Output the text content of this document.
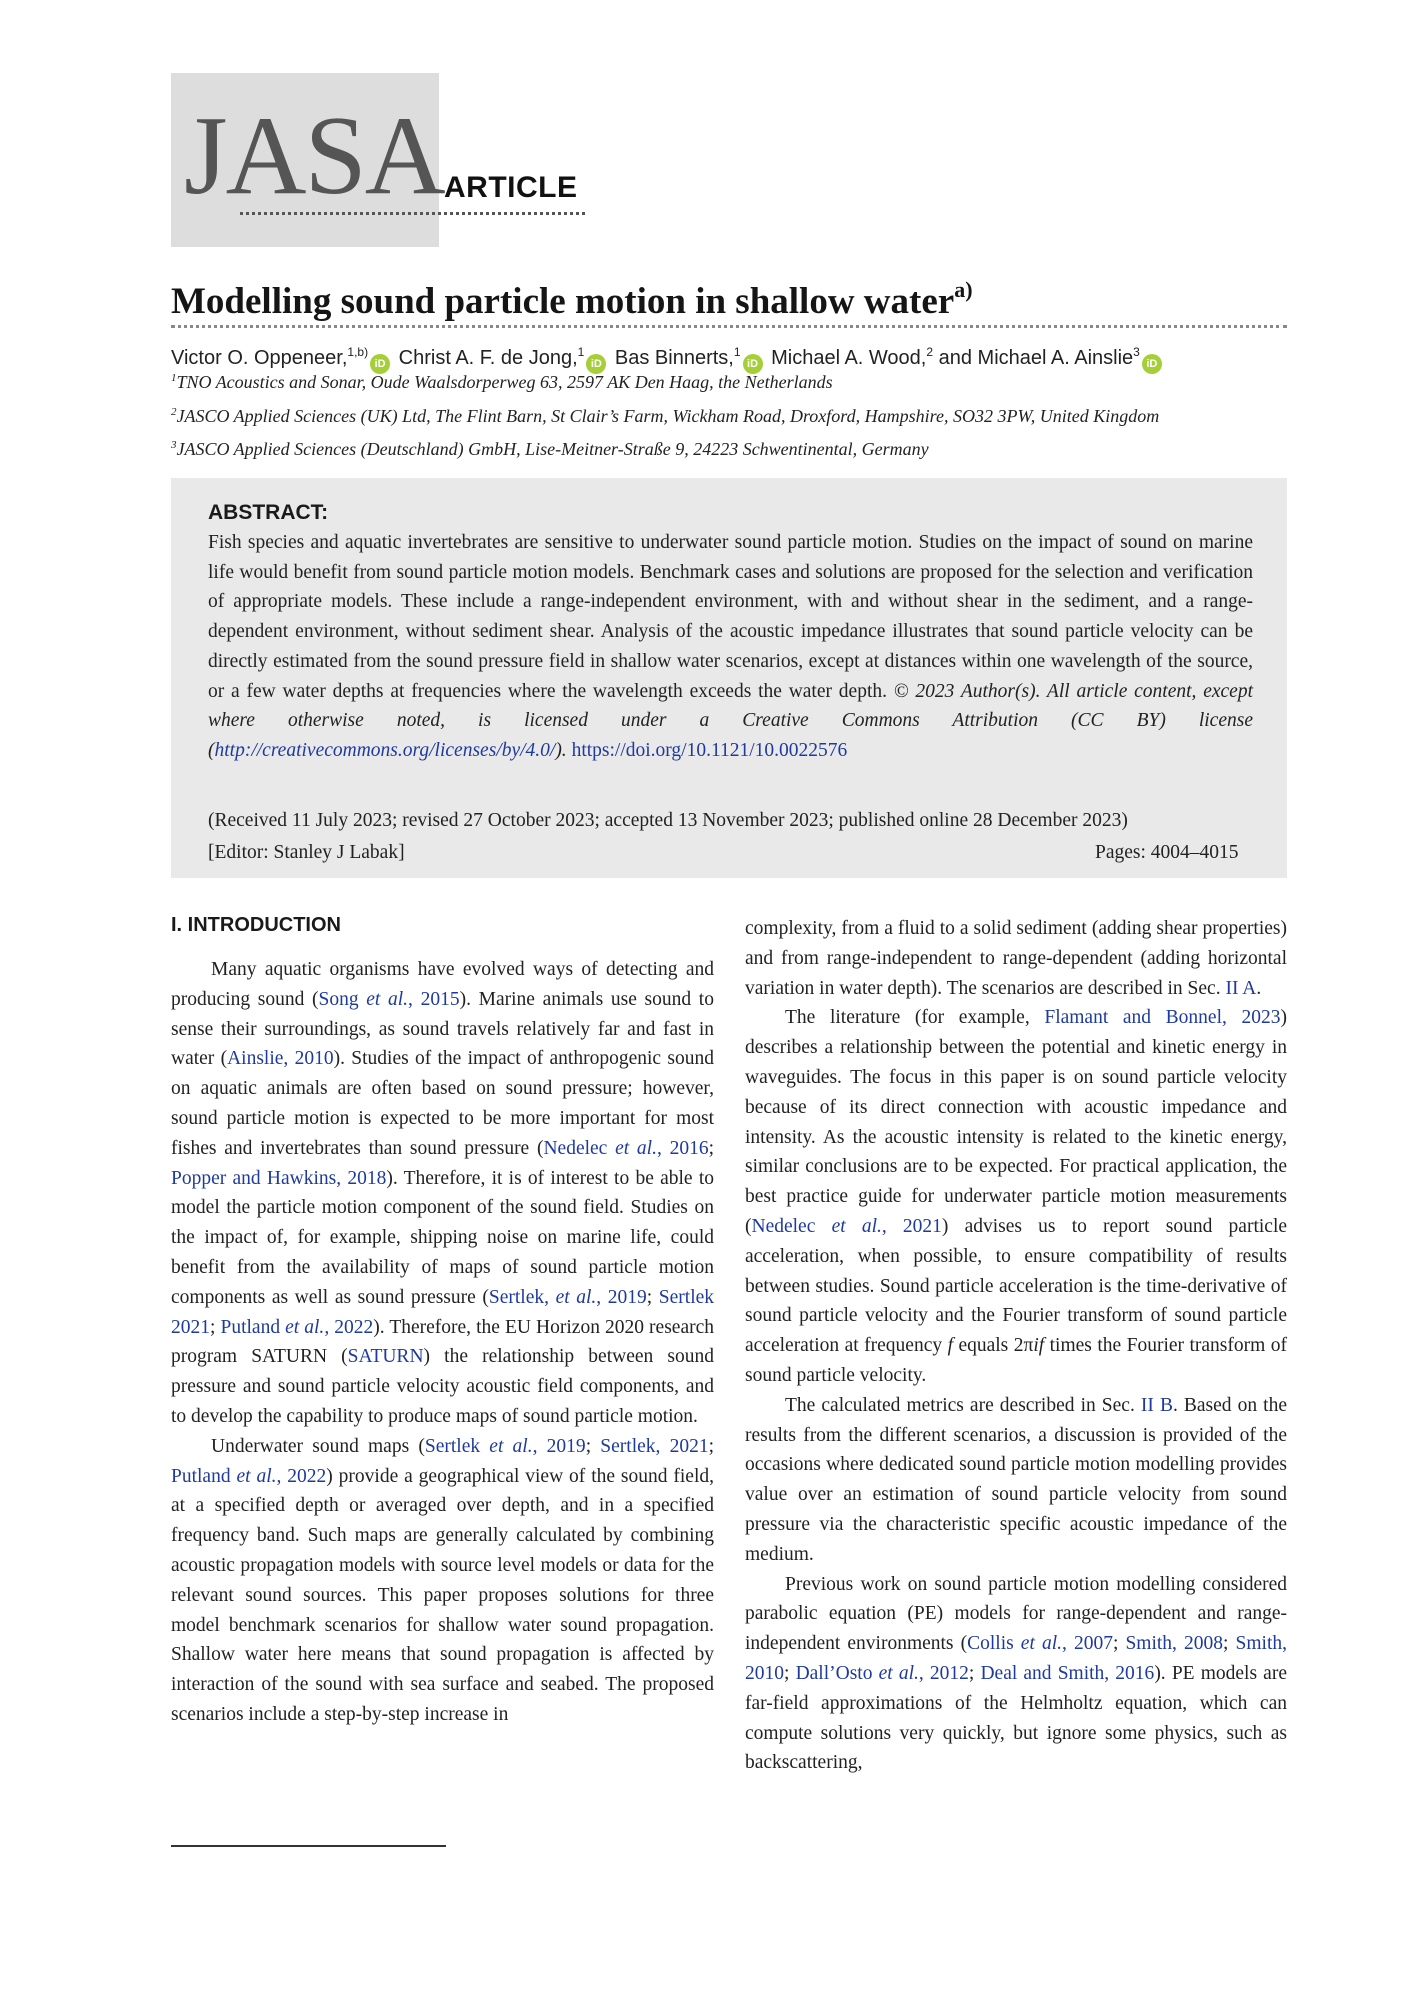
JASA ARTICLE
Modelling sound particle motion in shallow water$^{a)}$
Victor O. Oppeneer,$^{1,b)}$iD Christ A. F. de Jong,$^1$iD Bas Binnerts,$^1$iD Michael A. Wood,$^2$ and Michael A. Ainslie$^3$iD
$^1$TNO Acoustics and Sonar, Oude Waalsdorperweg 63, 2597 AK Den Haag, the Netherlands
$^2$JASCO Applied Sciences (UK) Ltd, The Flint Barn, St Clair’s Farm, Wickham Road, Droxford, Hampshire, SO32 3PW, United Kingdom
$^3$JASCO Applied Sciences (Deutschland) GmbH, Lise-Meitner-Straße 9, 24223 Schwentinental, Germany
ABSTRACT:
Fish species and aquatic invertebrates are sensitive to underwater sound particle motion. Studies on the impact of sound on marine life would benefit from sound particle motion models. Benchmark cases and solutions are proposed for the selection and verification of appropriate models. These include a range-independent environment, with and without shear in the sediment, and a range-dependent environment, without sediment shear. Analysis of the acoustic impedance illustrates that sound particle velocity can be directly estimated from the sound pressure field in shallow water scenarios, except at distances within one wavelength of the source, or a few water depths at frequencies where the wavelength exceeds the water depth. © 2023 Author(s). All article content, except where otherwise noted, is licensed under a Creative Commons Attribution (CC BY) license (http://creativecommons.org/licenses/by/4.0/). https://doi.org/10.1121/10.0022576
(Received 11 July 2023; revised 27 October 2023; accepted 13 November 2023; published online 28 December 2023)
[Editor: Stanley J Labak]	Pages: 4004–4015
I. INTRODUCTION

Many aquatic organisms have evolved ways of detecting and producing sound (Song et al., 2015). Marine animals use sound to sense their surroundings, as sound travels relatively far and fast in water (Ainslie, 2010). Studies of the impact of anthropogenic sound on aquatic animals are often based on sound pressure; however, sound particle motion is expected to be more important for most fishes and invertebrates than sound pressure (Nedelec et al., 2016; Popper and Hawkins, 2018). Therefore, it is of interest to be able to model the particle motion component of the sound field. Studies on the impact of, for example, shipping noise on marine life, could benefit from the availability of maps of sound particle motion components as well as sound pressure (Sertlek, et al., 2019; Sertlek 2021; Putland et al., 2022). Therefore, the EU Horizon 2020 research program SATURN (SATURN) the relationship between sound pressure and sound particle velocity acoustic field components, and to develop the capability to produce maps of sound particle motion.

Underwater sound maps (Sertlek et al., 2019; Sertlek, 2021; Putland et al., 2022) provide a geographical view of the sound field, at a specified depth or averaged over depth, and in a specified frequency band. Such maps are generally calculated by combining acoustic propagation models with source level models or data for the relevant sound sources. This paper proposes solutions for three model benchmark scenarios for shallow water sound propagation. Shallow water here means that sound propagation is affected by interaction of the sound with sea surface and seabed. The proposed scenarios include a step-by-step increase in

complexity, from a fluid to a solid sediment (adding shear properties) and from range-independent to range-dependent (adding horizontal variation in water depth). The scenarios are described in Sec. II A.

The literature (for example, Flamant and Bonnel, 2023) describes a relationship between the potential and kinetic energy in waveguides. The focus in this paper is on sound particle velocity because of its direct connection with acoustic impedance and intensity. As the acoustic intensity is related to the kinetic energy, similar conclusions are to be expected. For practical application, the best practice guide for underwater particle motion measurements (Nedelec et al., 2021) advises us to report sound particle acceleration, when possible, to ensure compatibility of results between studies. Sound particle acceleration is the time-derivative of sound particle velocity and the Fourier transform of sound particle acceleration at frequency f equals 2πif times the Fourier transform of sound particle velocity.

The calculated metrics are described in Sec. II B. Based on the results from the different scenarios, a discussion is provided of the occasions where dedicated sound particle motion modelling provides value over an estimation of sound particle velocity from sound pressure via the characteristic specific acoustic impedance of the medium.

Previous work on sound particle motion modelling considered parabolic equation (PE) models for range-dependent and range-independent environments (Collis et al., 2007; Smith, 2008; Smith, 2010; Dall’Osto et al., 2012; Deal and Smith, 2016). PE models are far-field approximations of the Helmholtz equation, which can compute solutions very quickly, but ignore some physics, such as backscattering,
